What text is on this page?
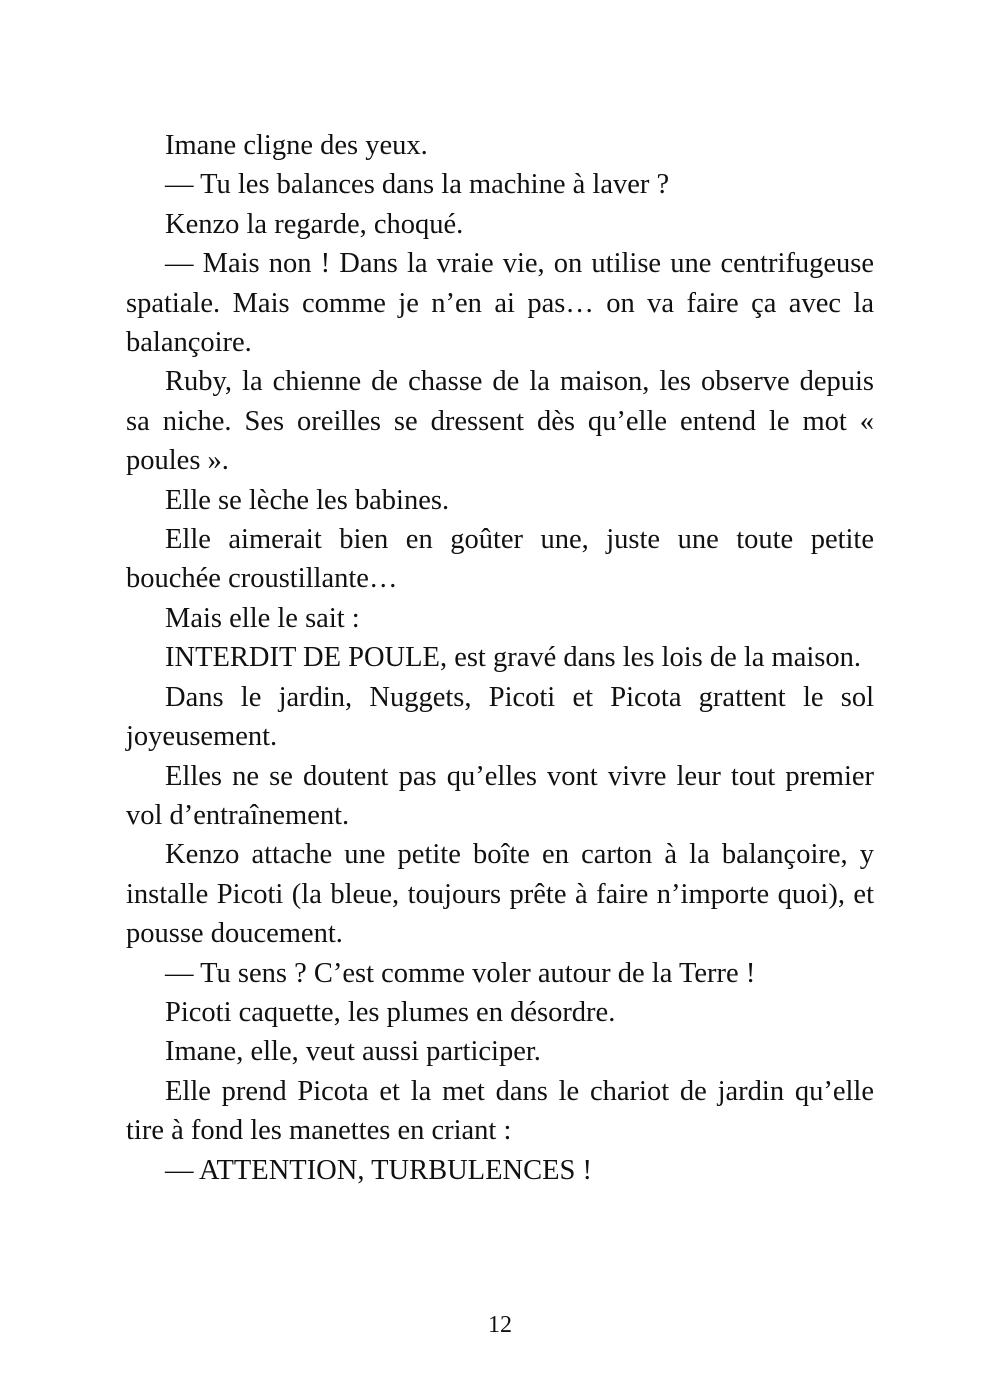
Imane cligne des yeux.

— Tu les balances dans la machine à laver ?

Kenzo la regarde, choqué.

— Mais non ! Dans la vraie vie, on utilise une centrifugeuse spatiale. Mais comme je n’en ai pas… on va faire ça avec la balançoire.

Ruby, la chienne de chasse de la maison, les observe depuis sa niche. Ses oreilles se dressent dès qu’elle entend le mot « poules ».

Elle se lèche les babines.

Elle aimerait bien en goûter une, juste une toute petite bouchée croustillante…

Mais elle le sait :

INTERDIT DE POULE, est gravé dans les lois de la maison.

Dans le jardin, Nuggets, Picoti et Picota grattent le sol joyeusement.

Elles ne se doutent pas qu’elles vont vivre leur tout premier vol d’entraînement.

Kenzo attache une petite boîte en carton à la balançoire, y installe Picoti (la bleue, toujours prête à faire n’importe quoi), et pousse doucement.

— Tu sens ? C’est comme voler autour de la Terre !

Picoti caquette, les plumes en désordre.

Imane, elle, veut aussi participer.

Elle prend Picota et la met dans le chariot de jardin qu’elle tire à fond les manettes en criant :

— ATTENTION, TURBULENCES !

12
